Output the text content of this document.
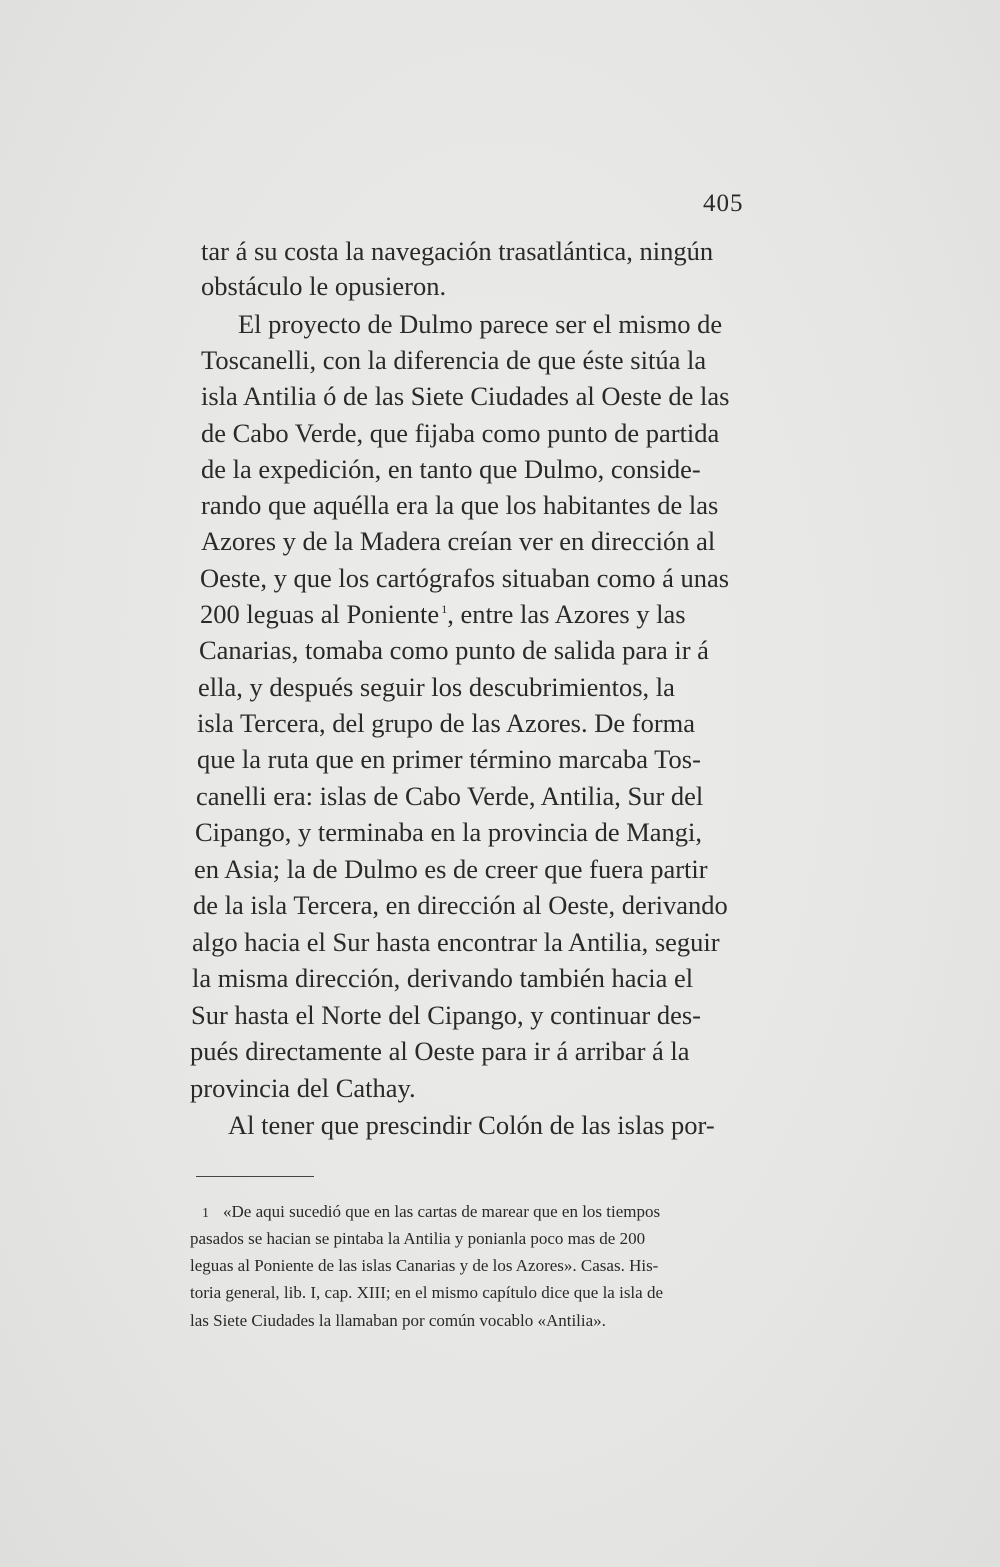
405
tar á su costa la navegación trasatlántica, ningún
obstáculo le opusieron.
El proyecto de Dulmo parece ser el mismo de
Toscanelli, con la diferencia de que éste sitúa la
isla Antilia ó de las Siete Ciudades al Oeste de las
de Cabo Verde, que fijaba como punto de partida
de la expedición, en tanto que Dulmo, conside-
rando que aquélla era la que los habitantes de las
Azores y de la Madera creían ver en dirección al
Oeste, y que los cartógrafos situaban como á unas
200 leguas al Poniente $^1$, entre las Azores y las
Canarias, tomaba como punto de salida para ir á
ella, y después seguir los descubrimientos, la
isla Tercera, del grupo de las Azores. De forma
que la ruta que en primer término marcaba Tos-
canelli era: islas de Cabo Verde, Antilia, Sur del
Cipango, y terminaba en la provincia de Mangi,
en Asia; la de Dulmo es de creer que fuera partir
de la isla Tercera, en dirección al Oeste, derivando
algo hacia el Sur hasta encontrar la Antilia, seguir
la misma dirección, derivando también hacia el
Sur hasta el Norte del Cipango, y continuar des-
pués directamente al Oeste para ir á arribar á la
provincia del Cathay.
Al tener que prescindir Colón de las islas por-
1 «De aqui sucedió que en las cartas de marear que en los tiempos
pasados se hacian se pintaba la Antilia y ponianla poco mas de 200
leguas al Poniente de las islas Canarias y de los Azores». Casas. His-
toria general, lib. I, cap. XIII; en el mismo capítulo dice que la isla de
las Siete Ciudades la llamaban por común vocablo «Antilia».
